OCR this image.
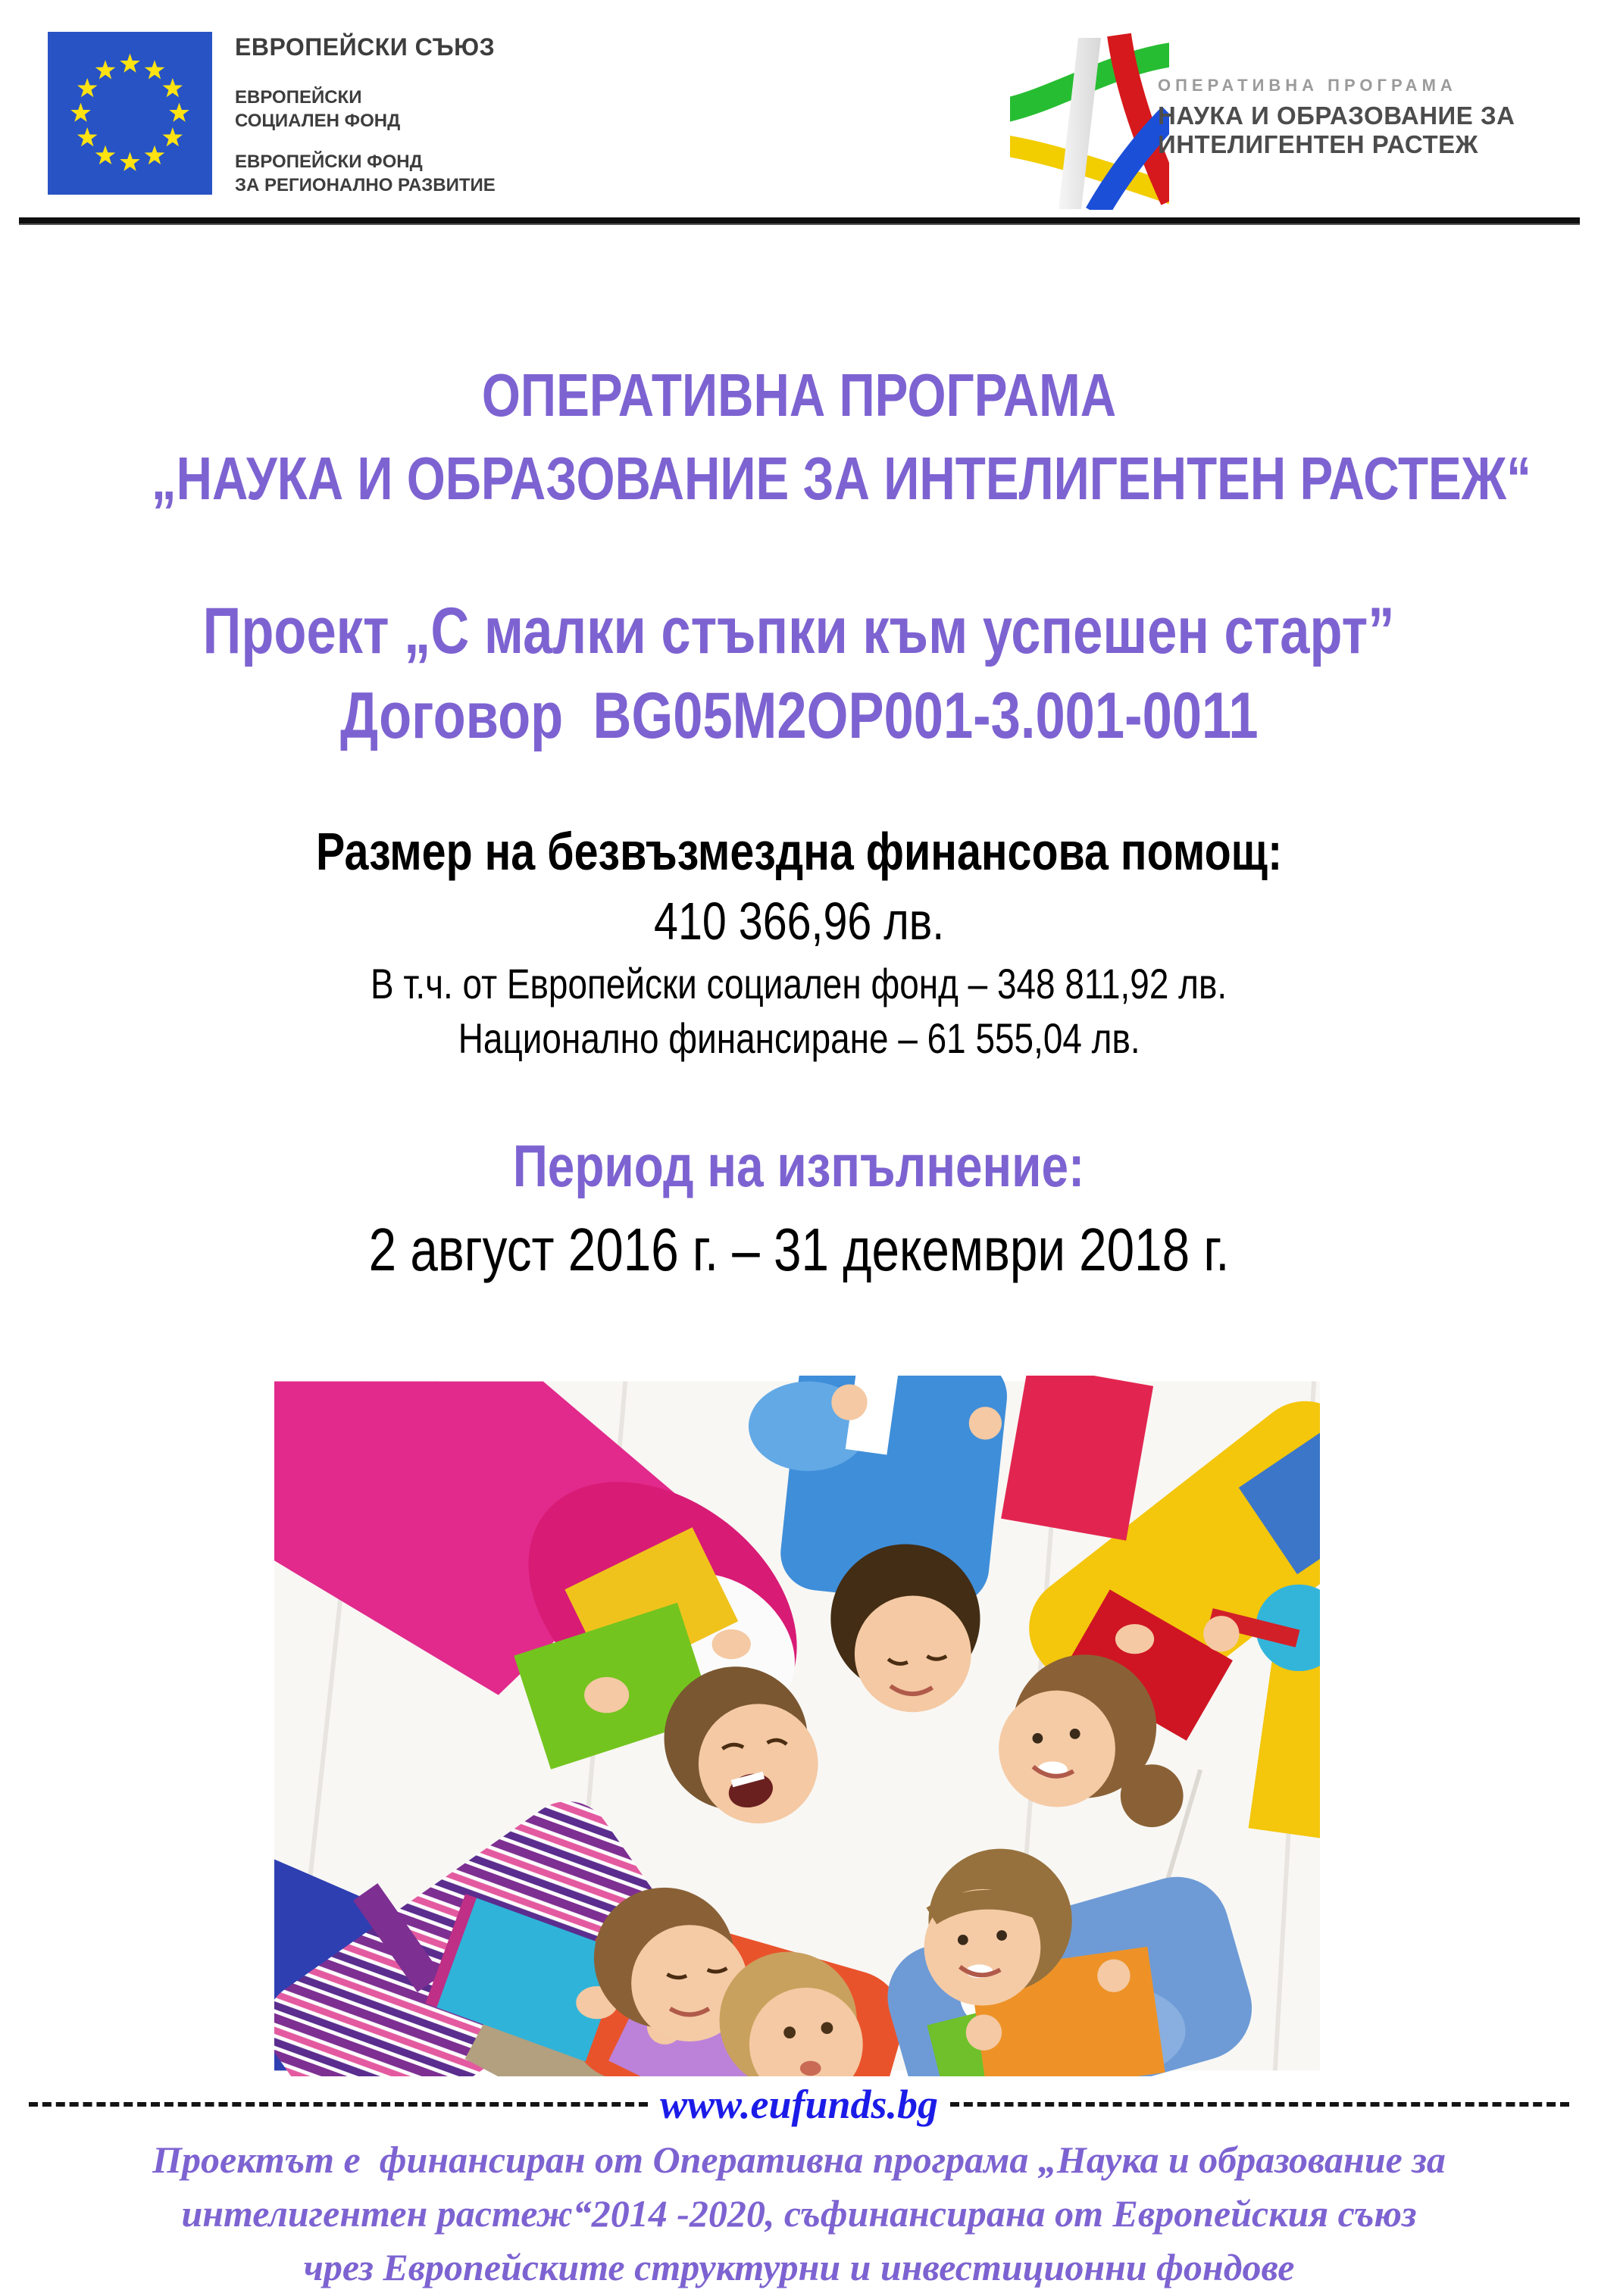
ЕВРОПЕЙСКИ СЪЮЗ
ЕВРОПЕЙСКИ
СОЦИАЛЕН ФОНД
ЕВРОПЕЙСКИ ФОНД
ЗА РЕГИОНАЛНО РАЗВИТИЕ
ОПЕРАТИВНА ПРОГРАМА
НАУКА И ОБРАЗОВАНИЕ ЗА
ИНТЕЛИГЕНТЕН РАСТЕЖ
ОПЕРАТИВНА ПРОГРАМА
„НАУКА И ОБРАЗОВАНИЕ ЗА ИНТЕЛИГЕНТЕН РАСТЕЖ“
Проект „С малки стъпки към успешен старт”
Договор  BG05M2OP001-3.001-0011
Размер на безвъзмездна финансова помощ:
410 366,96 лв.
В т.ч. от Европейски социален фонд – 348 811,92 лв.
Национално финансиране – 61 555,04 лв.
Период на изпълнение:
2 август 2016 г. – 31 декември 2018 г.
www.eufunds.bg
Проектът е  финансиран от Оперативна програма „Наука и образование за
интелигентен растеж“2014 -2020, съфинансирана от Европейския съюз
чрез Европейските структурни и инвестиционни фондове
